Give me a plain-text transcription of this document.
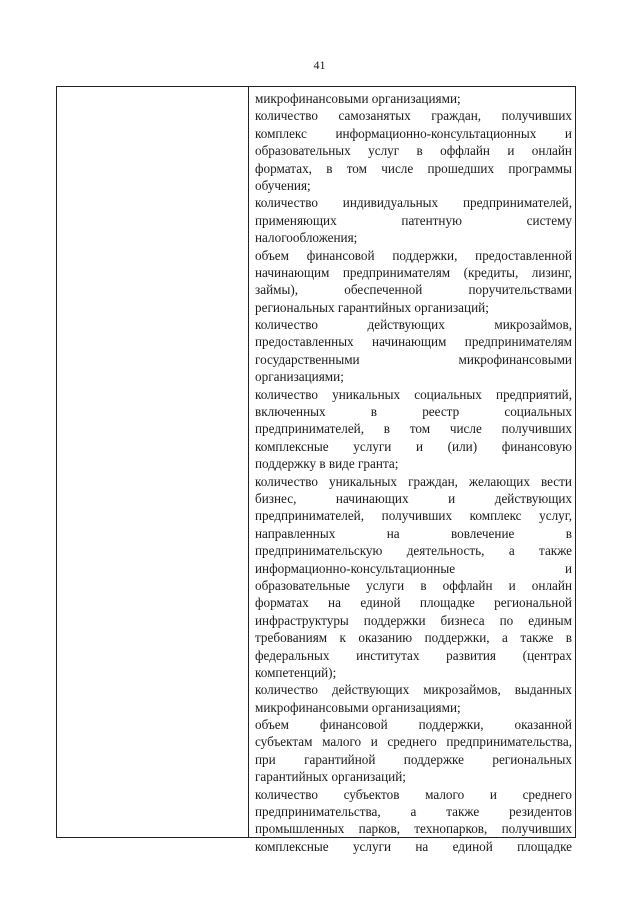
41
микрофинансовыми организациями;
количество самозанятых граждан, получивших
комплекс информационно-консультационных и
образовательных услуг в оффлайн и онлайн
форматах, в том числе прошедших программы
обучения;
количество индивидуальных предпринимателей,
применяющих патентную систему
налогообложения;
объем финансовой поддержки, предоставленной
начинающим предпринимателям (кредиты, лизинг,
займы), обеспеченной поручительствами
региональных гарантийных организаций;
количество действующих микрозаймов,
предоставленных начинающим предпринимателям
государственными микрофинансовыми
организациями;
количество уникальных социальных предприятий,
включенных в реестр социальных
предпринимателей, в том числе получивших
комплексные услуги и (или) финансовую
поддержку в виде гранта;
количество уникальных граждан, желающих вести
бизнес, начинающих и действующих
предпринимателей, получивших комплекс услуг,
направленных на вовлечение в
предпринимательскую деятельность, а также
информационно-консультационные и
образовательные услуги в оффлайн и онлайн
форматах на единой площадке региональной
инфраструктуры поддержки бизнеса по единым
требованиям к оказанию поддержки, а также в
федеральных институтах развития (центрах
компетенций);
количество действующих микрозаймов, выданных
микрофинансовыми организациями;
объем финансовой поддержки, оказанной
субъектам малого и среднего предпринимательства,
при гарантийной поддержке региональных
гарантийных организаций;
количество субъектов малого и среднего
предпринимательства, а также резидентов
промышленных парков, технопарков, получивших
комплексные услуги на единой площадке
